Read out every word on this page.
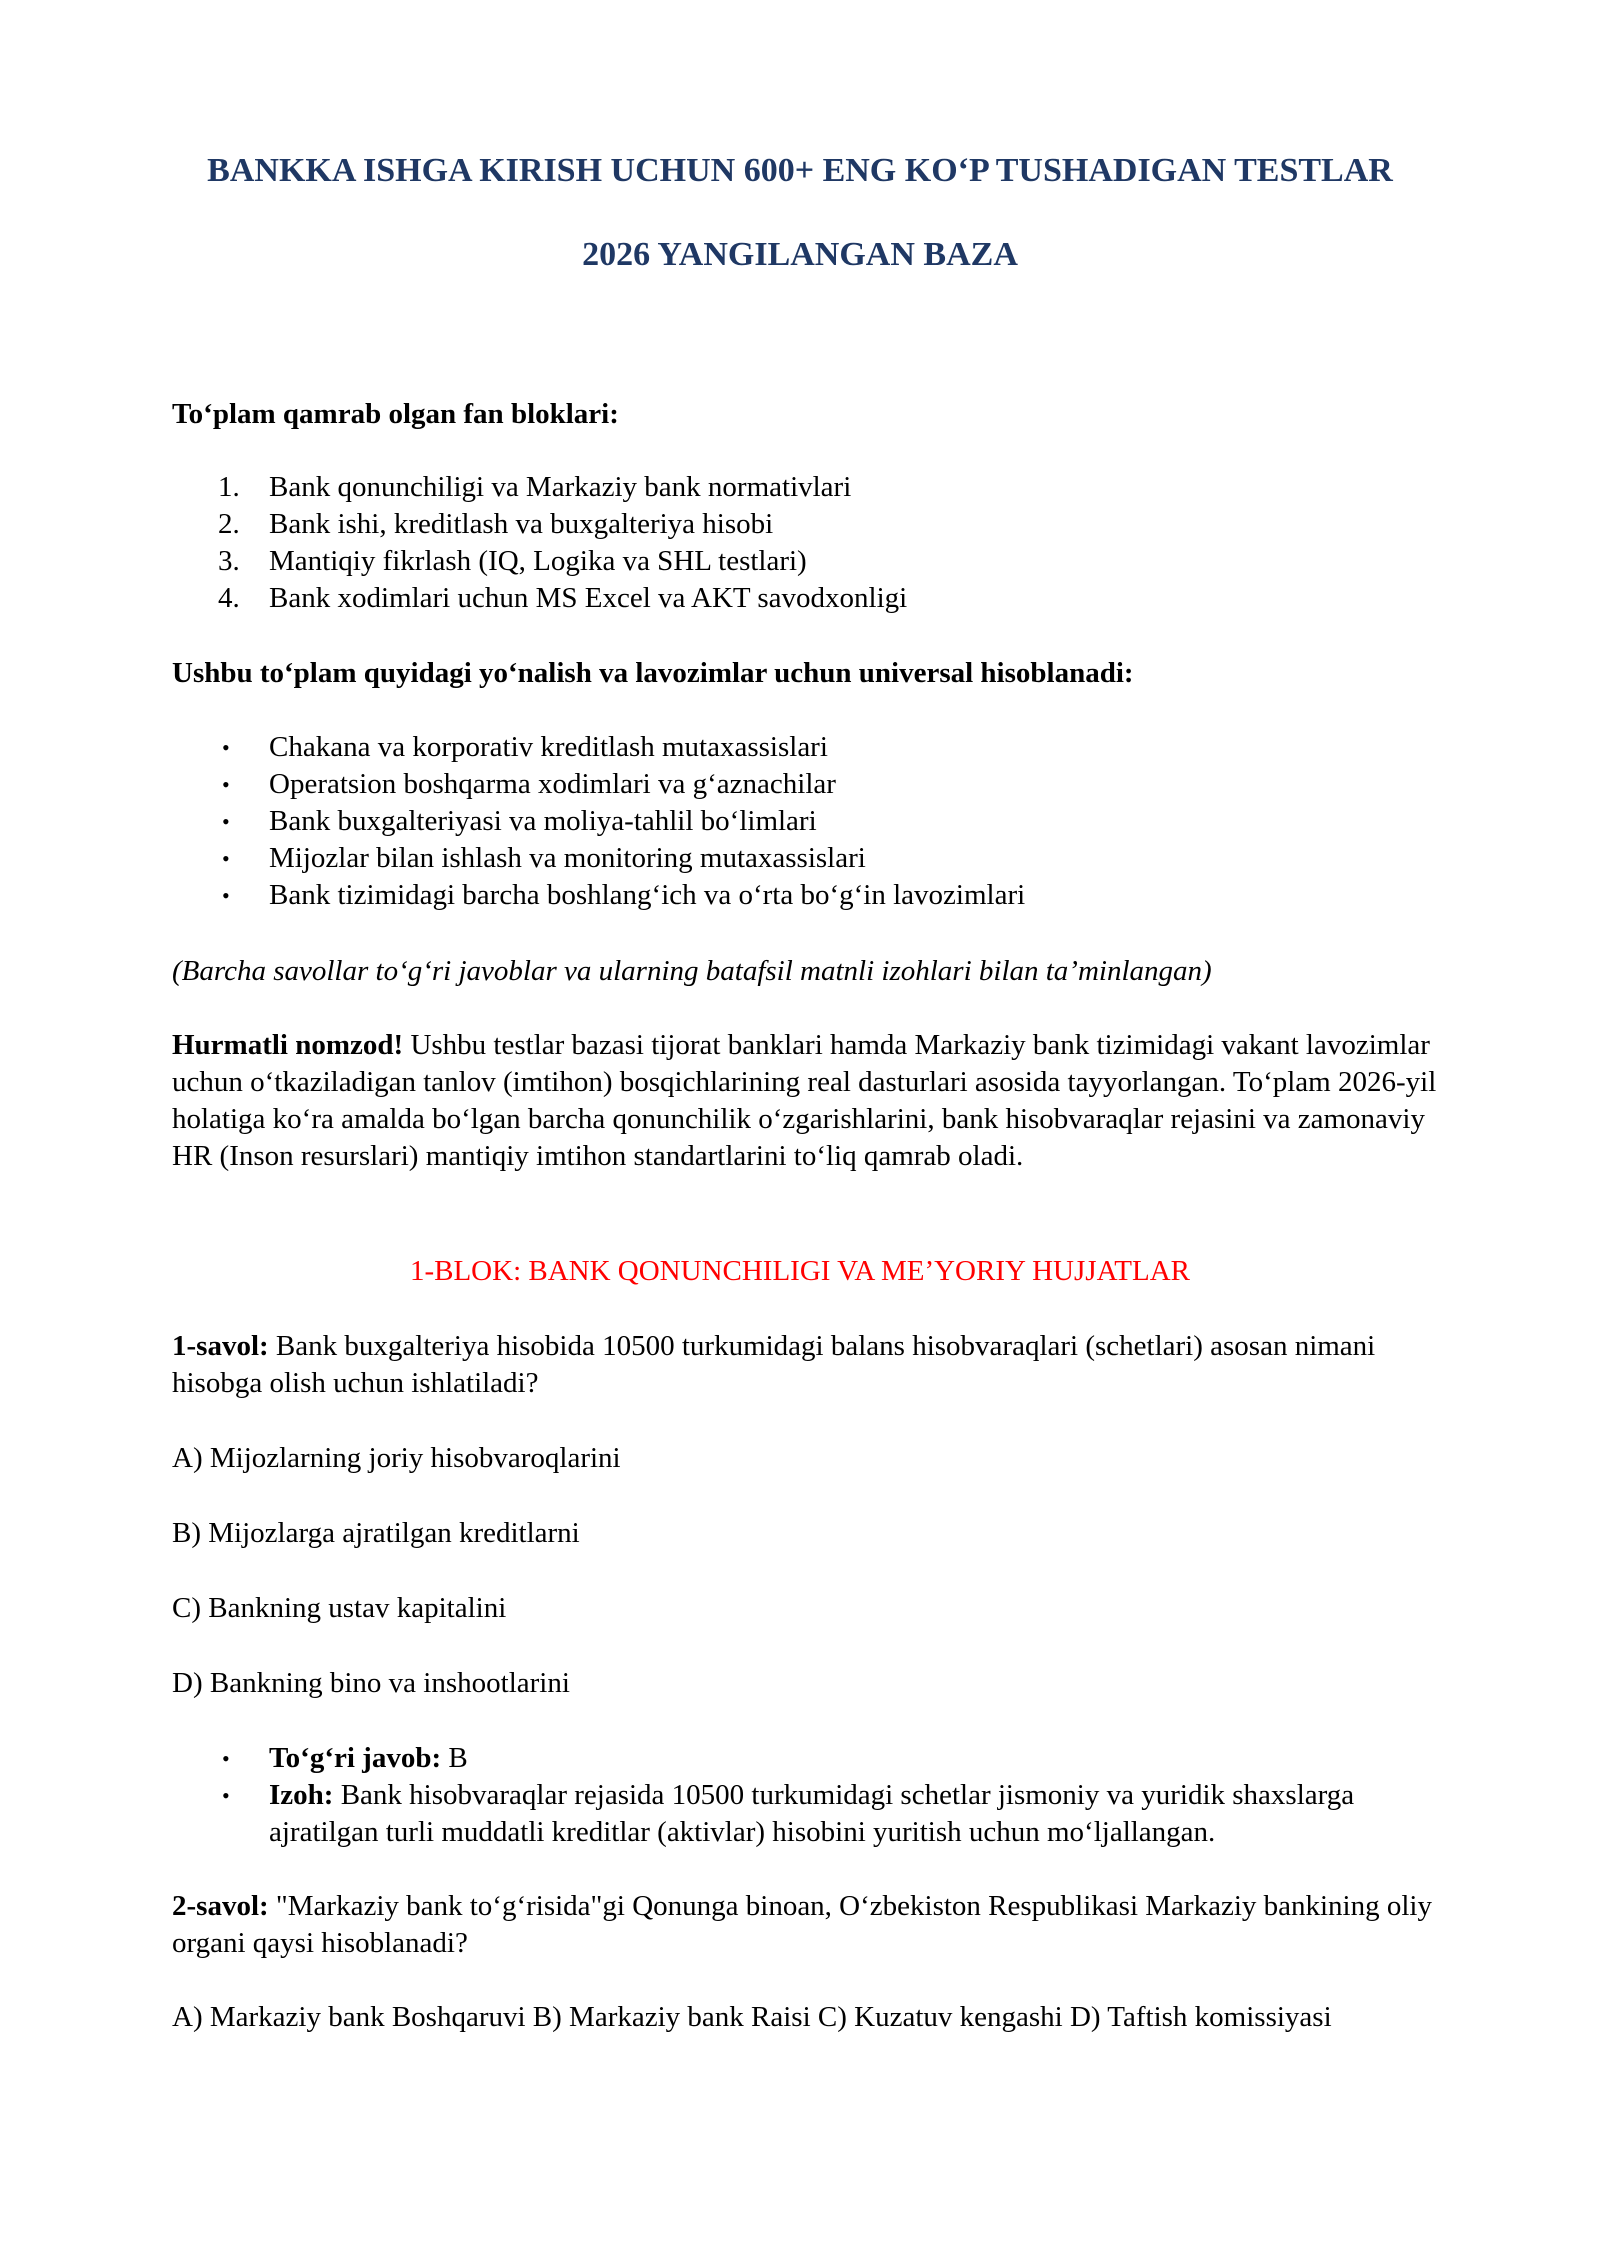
BANKKA ISHGA KIRISH UCHUN 600+ ENG KO‘P TUSHADIGAN TESTLAR
2026 YANGILANGAN BAZA

To‘plam qamrab olgan fan bloklari:

1.	Bank qonunchiligi va Markaziy bank normativlari
2.	Bank ishi, kreditlash va buxgalteriya hisobi
3.	Mantiqiy fikrlash (IQ, Logika va SHL testlari)
4.	Bank xodimlari uchun MS Excel va AKT savodxonligi

Ushbu to‘plam quyidagi yo‘nalish va lavozimlar uchun universal hisoblanadi:

•	Chakana va korporativ kreditlash mutaxassislari
•	Operatsion boshqarma xodimlari va g‘aznachilar
•	Bank buxgalteriyasi va moliya-tahlil bo‘limlari
•	Mijozlar bilan ishlash va monitoring mutaxassislari
•	Bank tizimidagi barcha boshlang‘ich va o‘rta bo‘g‘in lavozimlari

(Barcha savollar to‘g‘ri javoblar va ularning batafsil matnli izohlari bilan ta’minlangan)

Hurmatli nomzod! Ushbu testlar bazasi tijorat banklari hamda Markaziy bank tizimidagi vakant lavozimlar uchun o‘tkaziladigan tanlov (imtihon) bosqichlarining real dasturlari asosida tayyorlangan. To‘plam 2026-yil holatiga ko‘ra amalda bo‘lgan barcha qonunchilik o‘zgarishlarini, bank hisobvaraqlar rejasini va zamonaviy HR (Inson resurslari) mantiqiy imtihon standartlarini to‘liq qamrab oladi.

1-BLOK: BANK QONUNCHILIGI VA ME’YORIY HUJJATLAR

1-savol: Bank buxgalteriya hisobida 10500 turkumidagi balans hisobvaraqlari (schetlari) asosan nimani hisobga olish uchun ishlatiladi?

A) Mijozlarning joriy hisobvaroqlarini

B) Mijozlarga ajratilgan kreditlarni

C) Bankning ustav kapitalini

D) Bankning bino va inshootlarini

•	To‘g‘ri javob: B
•	Izoh: Bank hisobvaraqlar rejasida 10500 turkumidagi schetlar jismoniy va yuridik shaxslarga ajratilgan turli muddatli kreditlar (aktivlar) hisobini yuritish uchun mo‘ljallangan.

2-savol: "Markaziy bank to‘g‘risida"gi Qonunga binoan, O‘zbekiston Respublikasi Markaziy bankining oliy organi qaysi hisoblanadi?

A) Markaziy bank Boshqaruvi B) Markaziy bank Raisi C) Kuzatuv kengashi D) Taftish komissiyasi
